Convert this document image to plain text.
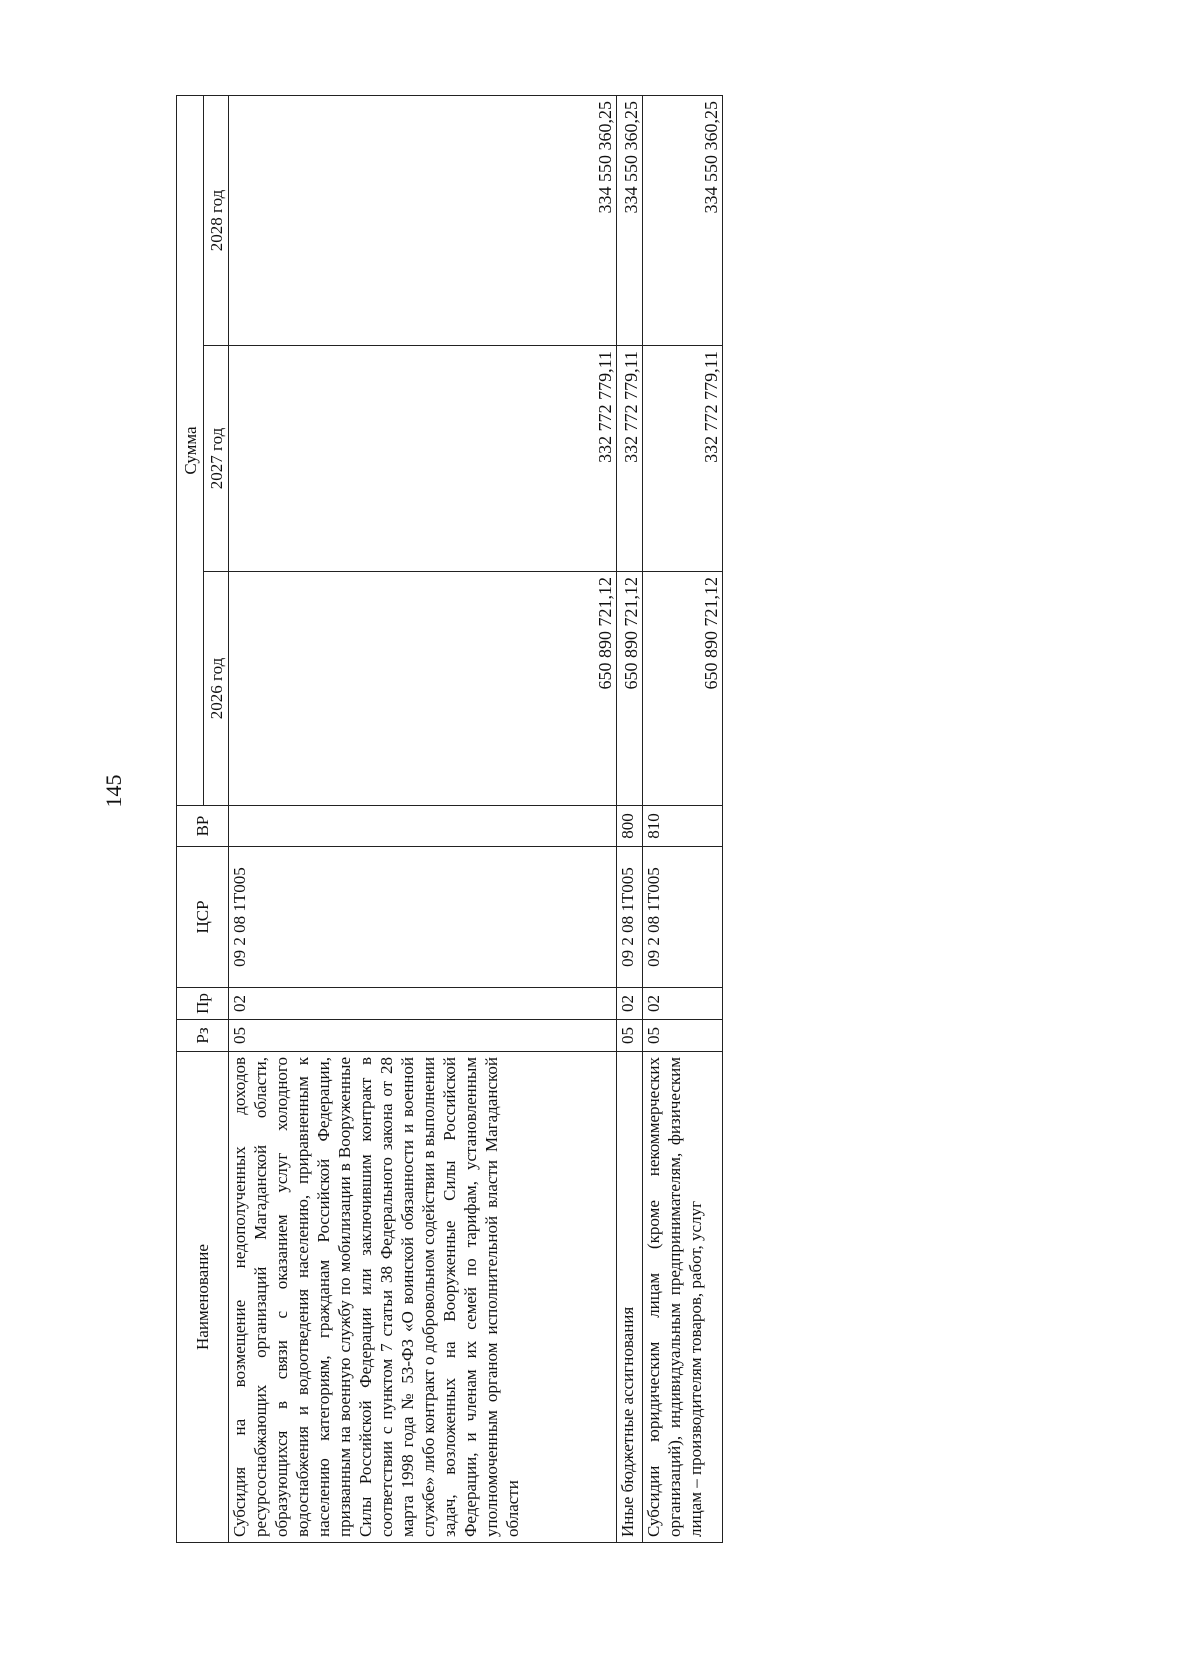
145
Наименование	Рз	Пр	ЦСР	ВР	Сумма		
					2026 год	2027 год	2028 год
Субсидия на возмещение недополученных доходов ресурсоснабжающих организаций Магаданской области, образующихся в связи с оказанием услуг холодного водоснабжения и водоотведения населению, приравненным к населению категориям, гражданам Российской Федерации, призванным на военную службу по мобилизации в Вооруженные Силы Российской Федерации или заключившим контракт в соответствии с пунктом 7 статьи 38 Федерального закона от 28 марта 1998 года № 53-ФЗ «О воинской обязанности и военной службе» либо контракт о добровольном содействии в выполнении задач, возложенных на Вооруженные Силы Российской Федерации, и членам их семей по тарифам, установленным уполномоченным органом исполнительной власти Магаданской области	05	02	09 2 08 1Т005		650 890 721,12	332 772 779,11	334 550 360,25
Иные бюджетные ассигнования	05	02	09 2 08 1Т005	800	650 890 721,12	332 772 779,11	334 550 360,25
Субсидии юридическим лицам (кроме некоммерческих организаций), индивидуальным предпринимателям, физическим лицам – производителям товаров, работ, услуг	05	02	09 2 08 1Т005	810	650 890 721,12	332 772 779,11	334 550 360,25
